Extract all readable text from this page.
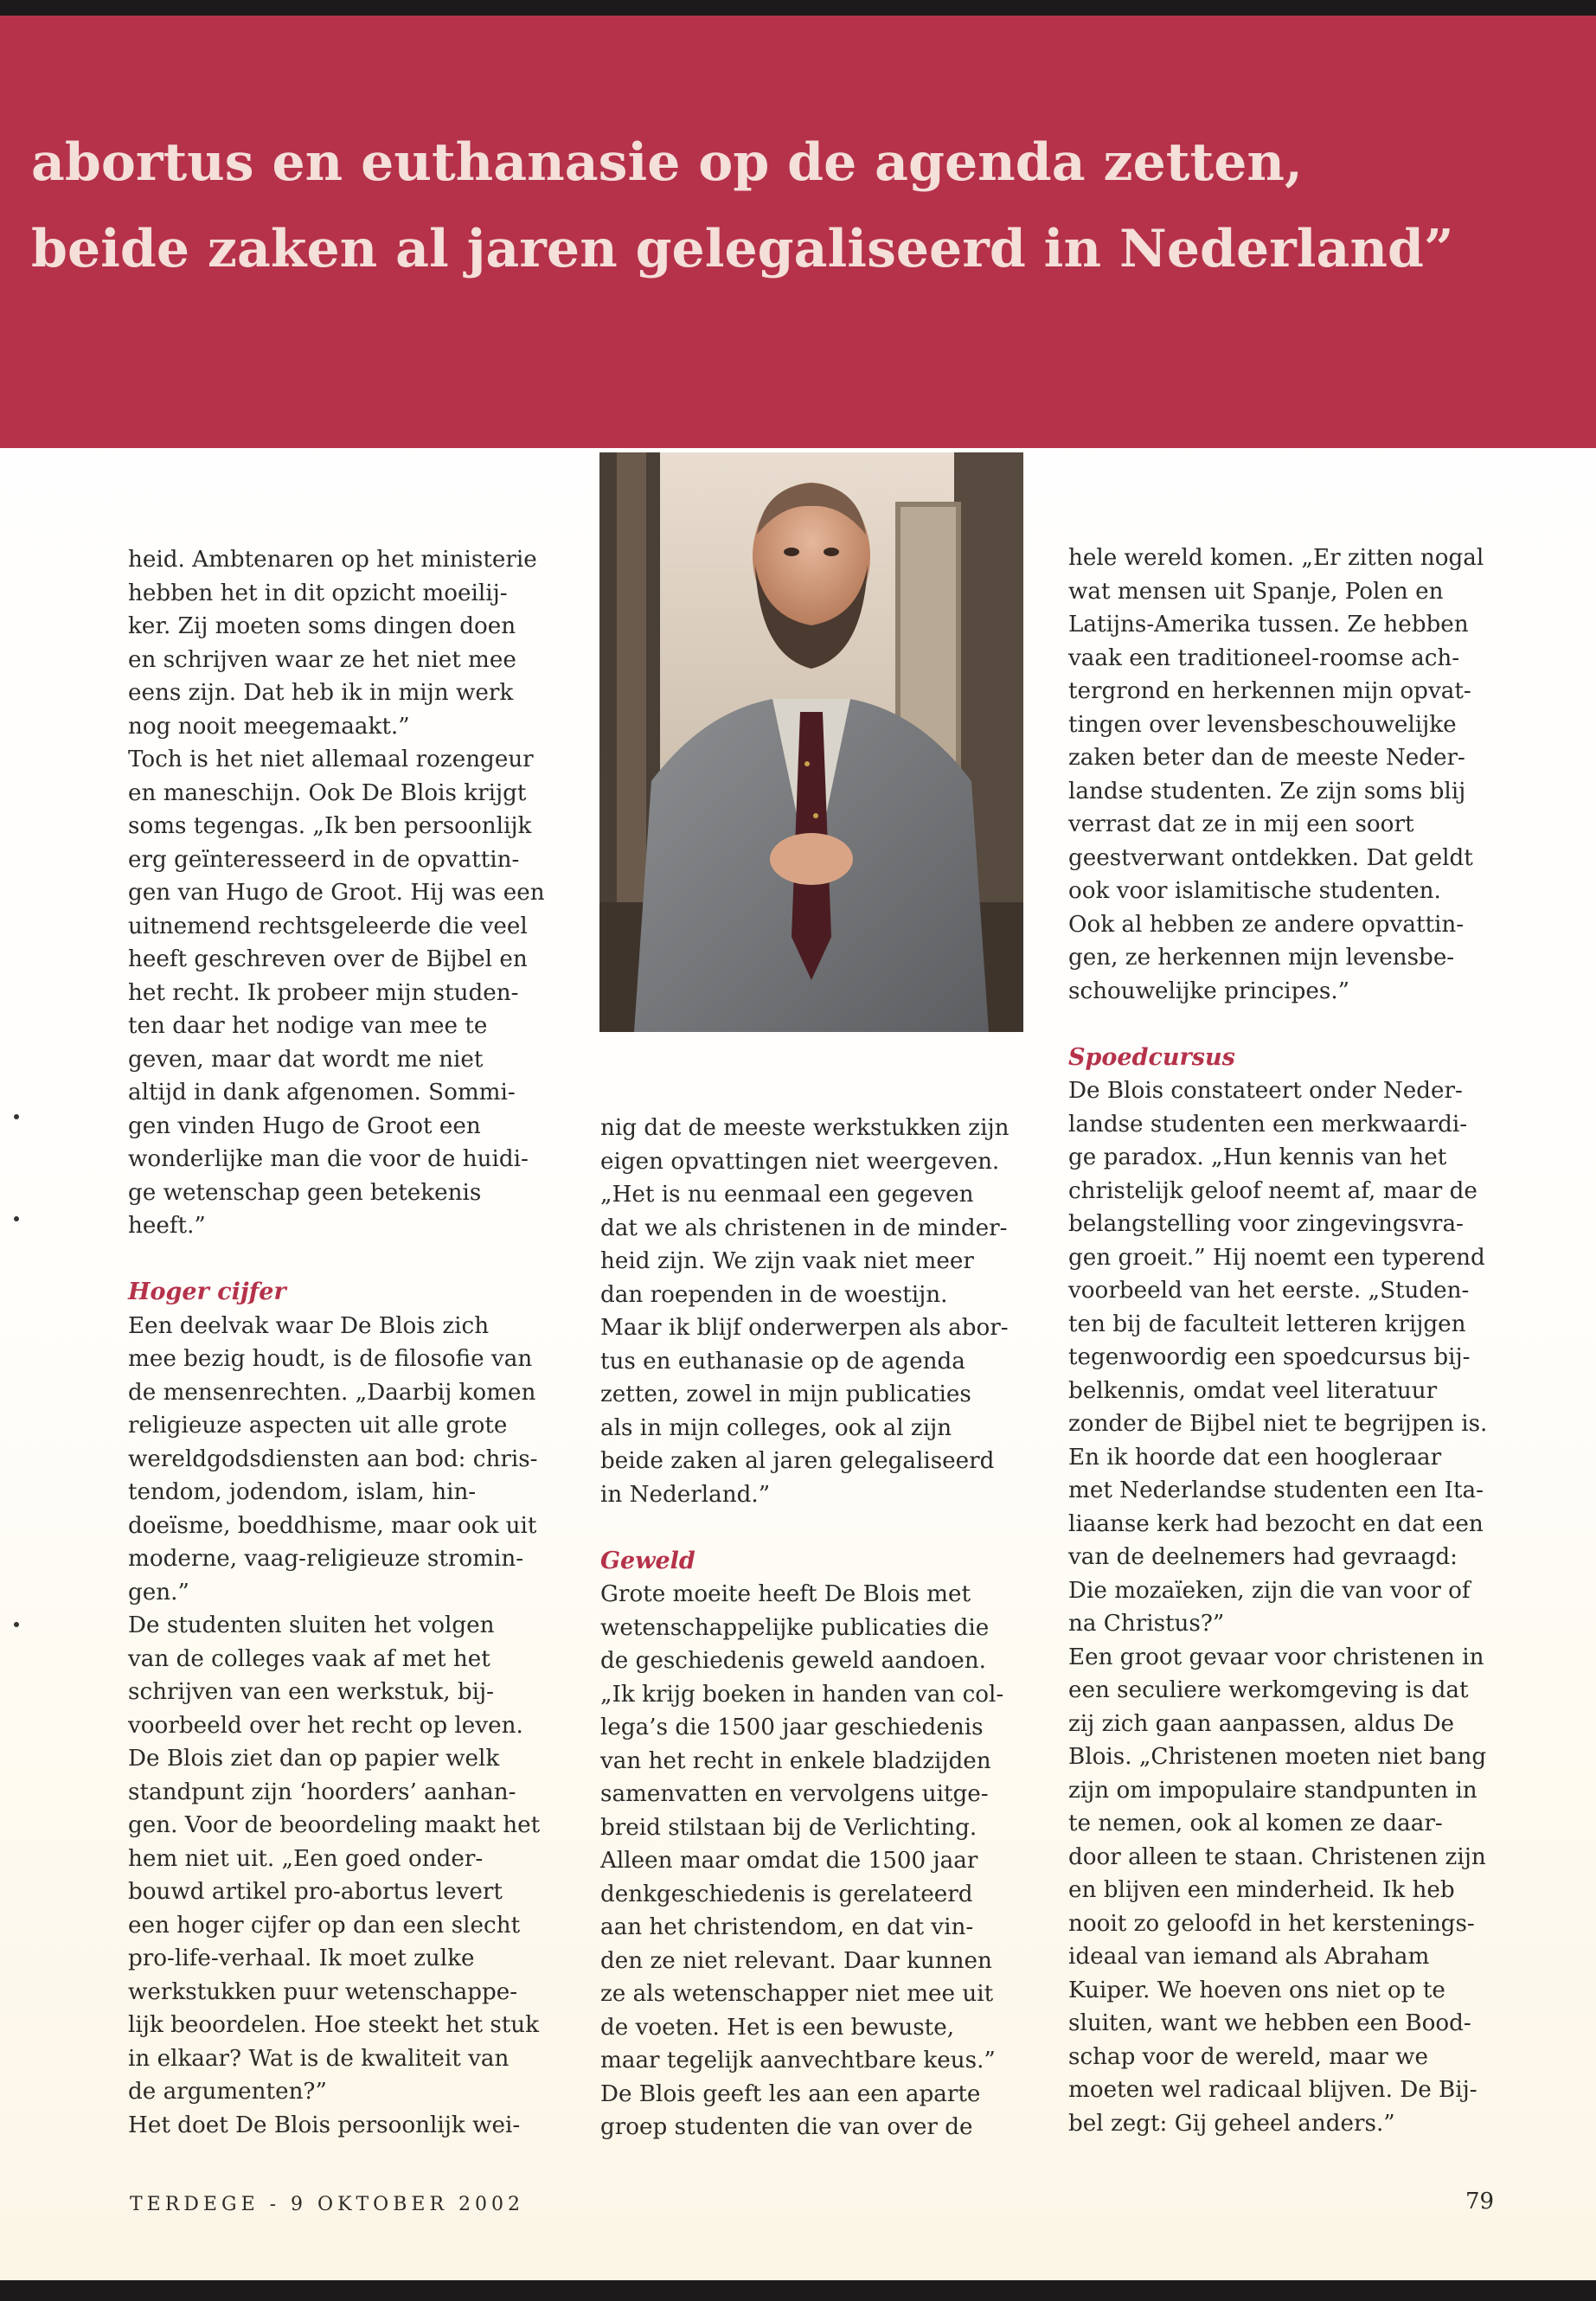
abortus en euthanasie op de agenda zetten,
beide zaken al jaren gelegaliseerd in Nederland”

heid. Ambtenaren op het ministerie

hebben het in dit opzicht moeilij-

ker. Zij moeten soms dingen doen

en schrijven waar ze het niet mee

eens zijn. Dat heb ik in mijn werk

nog nooit meegemaakt.”

Toch is het niet allemaal rozengeur

en maneschijn. Ook De Blois krijgt

soms tegengas. „Ik ben persoonlijk

erg geïnteresseerd in de opvattin-

gen van Hugo de Groot. Hij was een

uitnemend rechtsgeleerde die veel

heeft geschreven over de Bijbel en

het recht. Ik probeer mijn studen-

ten daar het nodige van mee te

geven, maar dat wordt me niet

altijd in dank afgenomen. Sommi-

gen vinden Hugo de Groot een

wonderlijke man die voor de huidi-

ge wetenschap geen betekenis

heeft.”

Hoger cijfer

Een deelvak waar De Blois zich

mee bezig houdt, is de filosofie van

de mensenrechten. „Daarbij komen

religieuze aspecten uit alle grote

wereldgodsdiensten aan bod: chris-

tendom, jodendom, islam, hin-

doeïsme, boeddhisme, maar ook uit

moderne, vaag-religieuze stromin-

gen.”

De studenten sluiten het volgen

van de colleges vaak af met het

schrijven van een werkstuk, bij-

voorbeeld over het recht op leven.

De Blois ziet dan op papier welk

standpunt zijn ‘hoorders’ aanhan-

gen. Voor de beoordeling maakt het

hem niet uit. „Een goed onder-

bouwd artikel pro-abortus levert

een hoger cijfer op dan een slecht

pro-life-verhaal. Ik moet zulke

werkstukken puur wetenschappe-

lijk beoordelen. Hoe steekt het stuk

in elkaar? Wat is de kwaliteit van

de argumenten?”

Het doet De Blois persoonlijk wei-

nig dat de meeste werkstukken zijn

eigen opvattingen niet weergeven.

„Het is nu eenmaal een gegeven

dat we als christenen in de minder-

heid zijn. We zijn vaak niet meer

dan roependen in de woestijn.

Maar ik blijf onderwerpen als abor-

tus en euthanasie op de agenda

zetten, zowel in mijn publicaties

als in mijn colleges, ook al zijn

beide zaken al jaren gelegaliseerd

in Nederland.”

Geweld

Grote moeite heeft De Blois met

wetenschappelijke publicaties die

de geschiedenis geweld aandoen.

„Ik krijg boeken in handen van col-

lega’s die 1500 jaar geschiedenis

van het recht in enkele bladzijden

samenvatten en vervolgens uitge-

breid stilstaan bij de Verlichting.

Alleen maar omdat die 1500 jaar

denkgeschiedenis is gerelateerd

aan het christendom, en dat vin-

den ze niet relevant. Daar kunnen

ze als wetenschapper niet mee uit

de voeten. Het is een bewuste,

maar tegelijk aanvechtbare keus.”

De Blois geeft les aan een aparte

groep studenten die van over de

hele wereld komen. „Er zitten nogal

wat mensen uit Spanje, Polen en

Latijns-Amerika tussen. Ze hebben

vaak een traditioneel-roomse ach-

tergrond en herkennen mijn opvat-

tingen over levensbeschouwelijke

zaken beter dan de meeste Neder-

landse studenten. Ze zijn soms blij

verrast dat ze in mij een soort

geestverwant ontdekken. Dat geldt

ook voor islamitische studenten.

Ook al hebben ze andere opvattin-

gen, ze herkennen mijn levensbe-

schouwelijke principes.”

Spoedcursus

De Blois constateert onder Neder-

landse studenten een merkwaardi-

ge paradox. „Hun kennis van het

christelijk geloof neemt af, maar de

belangstelling voor zingevingsvra-

gen groeit.” Hij noemt een typerend

voorbeeld van het eerste. „Studen-

ten bij de faculteit letteren krijgen

tegenwoordig een spoedcursus bij-

belkennis, omdat veel literatuur

zonder de Bijbel niet te begrijpen is.

En ik hoorde dat een hoogleraar

met Nederlandse studenten een Ita-

liaanse kerk had bezocht en dat een

van de deelnemers had gevraagd:

Die mozaïeken, zijn die van voor of

na Christus?”

Een groot gevaar voor christenen in

een seculiere werkomgeving is dat

zij zich gaan aanpassen, aldus De

Blois. „Christenen moeten niet bang

zijn om impopulaire standpunten in

te nemen, ook al komen ze daar-

door alleen te staan. Christenen zijn

en blijven een minderheid. Ik heb

nooit zo geloofd in het kerstenings-

ideaal van iemand als Abraham

Kuiper. We hoeven ons niet op te

sluiten, want we hebben een Bood-

schap voor de wereld, maar we

moeten wel radicaal blijven. De Bij-

bel zegt: Gij geheel anders.”

TERDEGE - 9 OKTOBER 2002	79
